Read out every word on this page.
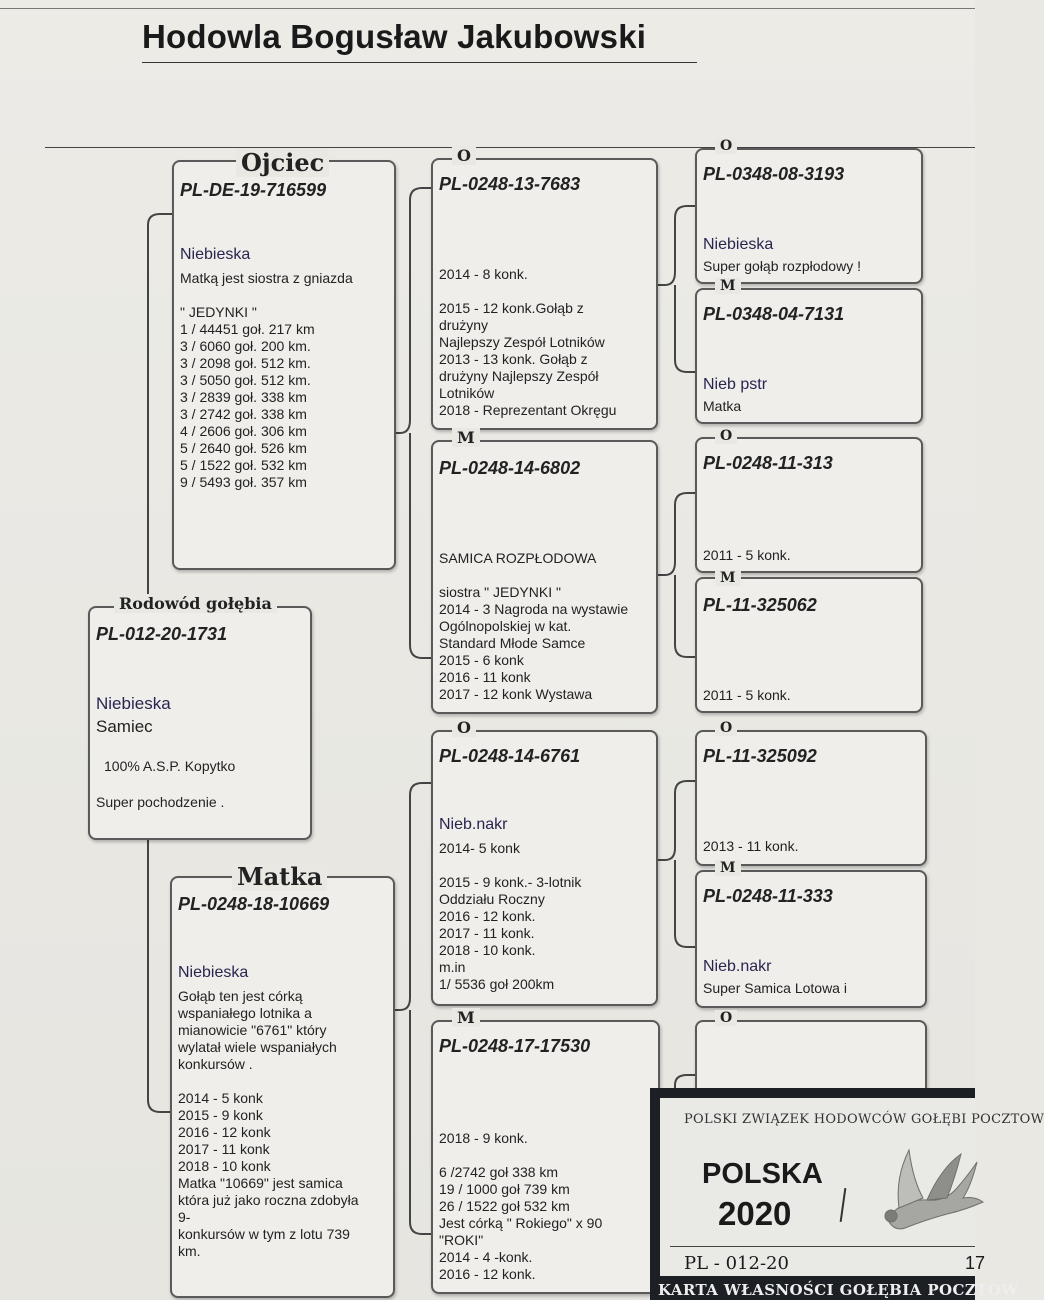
Hodowla Bogusław Jakubowski
PL-DE-19-716599
Niebieska
Matką jest siostra z gniazda

" JEDYNKI "
1 / 44451 goł. 217 km
3 / 6060 goł. 200 km.
3 / 2098 goł. 512 km.
3 / 5050 goł. 512 km.
3 / 2839 goł. 338 km
3 / 2742 goł. 338 km
4 / 2606 goł. 306 km
5 / 2640 goł. 526 km
5 / 1522 goł. 532 km
9 / 5493 goł. 357 km
Ojciec
PL-012-20-1731
Niebieska
Samiec
100% A.S.P. Kopytko
Super pochodzenie .
Rodowód gołębia
PL-0248-18-10669
Niebieska
Gołąb ten jest córką
wspaniałego lotnika a
mianowicie "6761" który
wylatał wiele wspaniałych
konkursów .

2014 - 5 konk
2015 - 9 konk
2016 - 12 konk
2017 - 11 konk
2018 - 10 konk
Matka "10669" jest samica
która już jako roczna zdobyła
9-
konkursów w tym z lotu 739
km.
Matka
PL-0248-13-7683
2014 - 8 konk.

2015 - 12 konk.Gołąb z
drużyny
Najlepszy Zespół Lotników
2013 - 13 konk. Gołąb z
drużyny Najlepszy Zespół
Lotników
2018 - Reprezentant Okręgu
O
PL-0248-14-6802
SAMICA ROZPŁODOWA

siostra " JEDYNKI "
2014 - 3 Nagroda na wystawie
Ogólnopolskiej w kat.
Standard Młode Samce
2015 - 6 konk
2016 - 11 konk
2017 - 12 konk Wystawa
M
PL-0248-14-6761
Nieb.nakr
2014- 5 konk

2015 - 9 konk.- 3-lotnik
Oddziału Roczny
2016 - 12 konk.
2017 - 11 konk.
2018 - 10 konk.
m.in
1/ 5536 goł 200km
O
PL-0248-17-17530
2018 - 9 konk.

6 /2742 goł 338 km
19 / 1000 goł 739 km
26 / 1522 goł 532 km
Jest córką " Rokiego" x 90
"ROKI"
2014 - 4 -konk.
2016 - 12 konk.
M
PL-0348-08-3193
Niebieska
Super gołąb rozpłodowy !
O
PL-0348-04-7131
Nieb pstr
Matka
M
PL-0248-11-313
2011 - 5 konk.
O
PL-11-325062
2011 - 5 konk.
M
PL-11-325092
2013 - 11 konk.
O
PL-0248-11-333
Nieb.nakr
Super Samica Lotowa i
M
O
POLSKI ZWIĄZEK HODOWCÓW GOŁĘBI POCZTOW
POLSKA
2020
PL - 012-20	17
KARTA WŁASNOŚCI GOŁĘBIA POCZTOW
